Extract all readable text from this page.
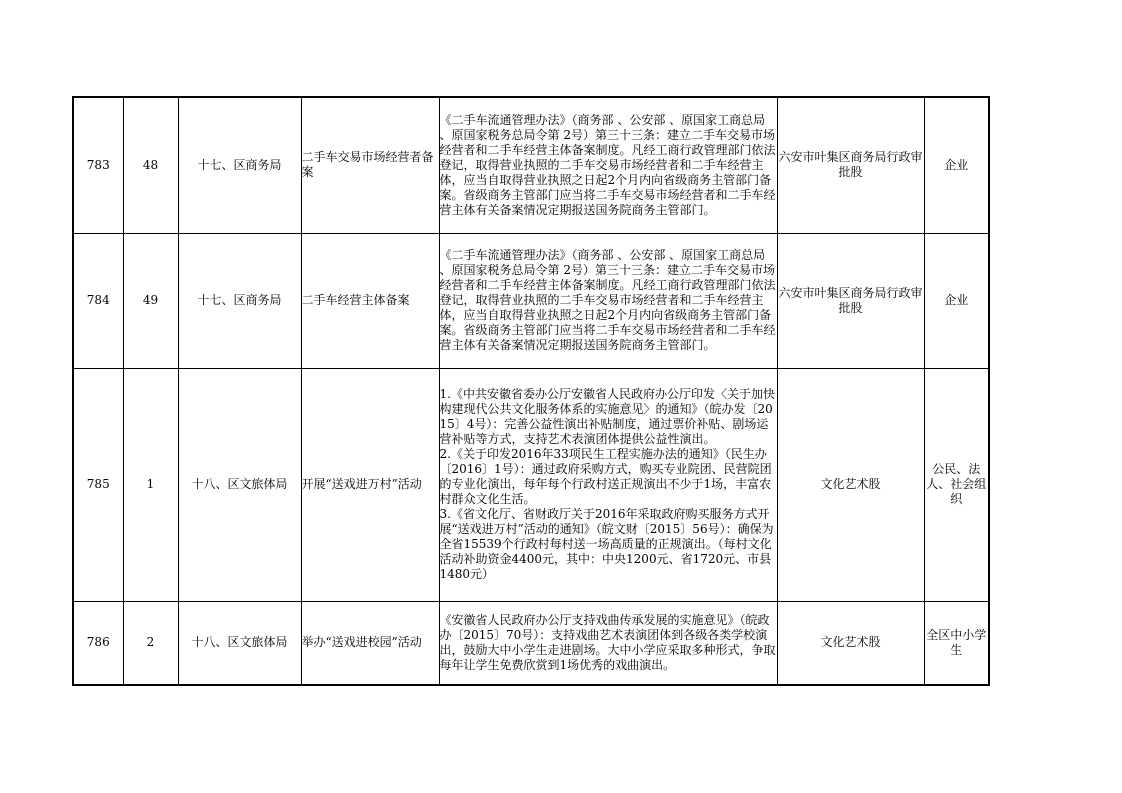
783	48	十七、区商务局	二手车交易市场经营者备案	《二手车流通管理办法》（商务部 、公安部 、原国家工商总局 、原国家税务总局令第 2号）第三十三条：建立二手车交易市场经营者和二手车经营主体备案制度。凡经工商行政管理部门依法登记，取得营业执照的二手车交易市场经营者和二手车经营主体，应当自取得营业执照之日起2个月内向省级商务主管部门备案。省级商务主管部门应当将二手车交易市场经营者和二手车经营主体有关备案情况定期报送国务院商务主管部门。	六安市叶集区商务局行政审批股	企业
784	49	十七、区商务局	二手车经营主体备案	《二手车流通管理办法》（商务部 、公安部 、原国家工商总局 、原国家税务总局令第 2号）第三十三条：建立二手车交易市场经营者和二手车经营主体备案制度。凡经工商行政管理部门依法登记，取得营业执照的二手车交易市场经营者和二手车经营主体，应当自取得营业执照之日起2个月内向省级商务主管部门备案。省级商务主管部门应当将二手车交易市场经营者和二手车经营主体有关备案情况定期报送国务院商务主管部门。	六安市叶集区商务局行政审批股	企业
785	1	十八、区文旅体局	开展“送戏进万村”活动	1.《中共安徽省委办公厅安徽省人民政府办公厅印发〈关于加快构建现代公共文化服务体系的实施意见〉的通知》（皖办发〔2015〕4号）：完善公益性演出补贴制度，通过票价补贴、剧场运营补贴等方式，支持艺术表演团体提供公益性演出。
2.《关于印发2016年33项民生工程实施办法的通知》（民生办〔2016〕1号）：通过政府采购方式，购买专业院团、民营院团的专业化演出，每年每个行政村送正规演出不少于1场，丰富农村群众文化生活。
3.《省文化厅、省财政厅关于2016年采取政府购买服务方式开展“送戏进万村”活动的通知》（皖文财〔2015〕56号）：确保为全省15539个行政村每村送一场高质量的正规演出。（每村文化活动补助资金4400元，其中：中央1200元、省1720元、市县1480元）	文化艺术股	公民、法人、社会组织
786	2	十八、区文旅体局	举办“送戏进校园”活动	《安徽省人民政府办公厅支持戏曲传承发展的实施意见》（皖政办〔2015〕70号）：支持戏曲艺术表演团体到各级各类学校演出，鼓励大中小学生走进剧场。大中小学应采取多种形式，争取每年让学生免费欣赏到1场优秀的戏曲演出。	文化艺术股	全区中小学生
